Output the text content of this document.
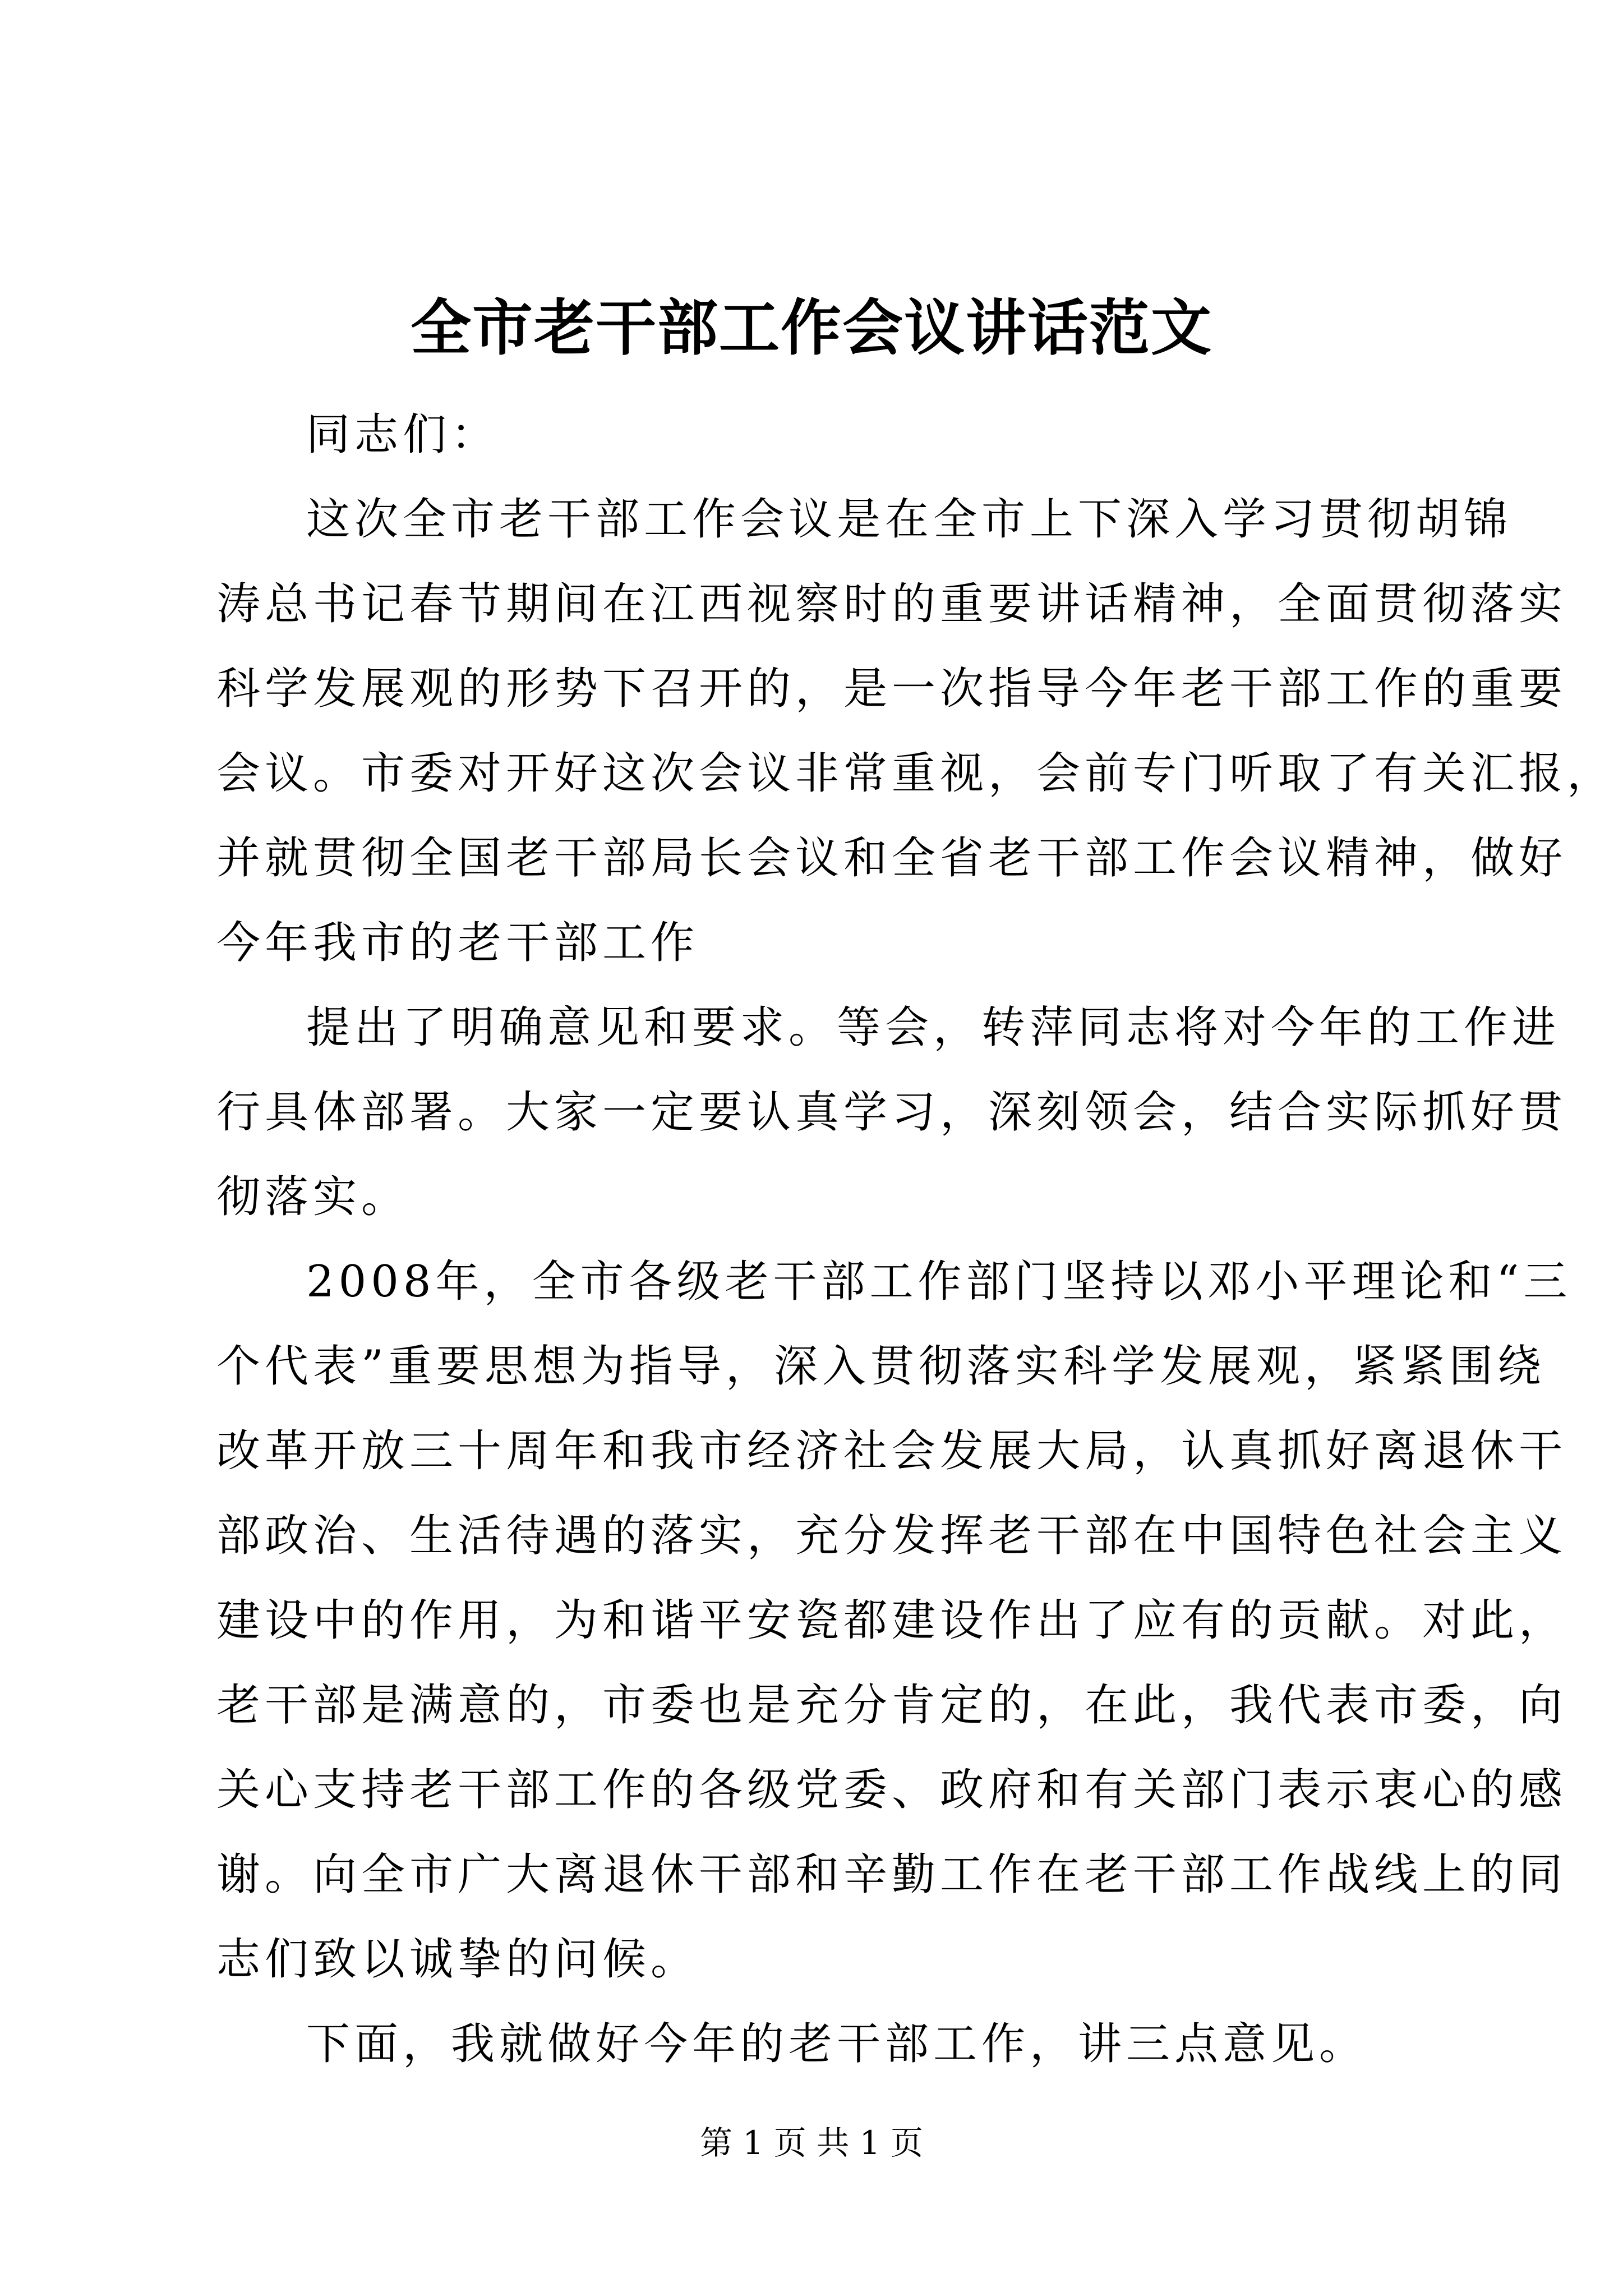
全市老干部工作会议讲话范文
同志们：
这次全市老干部工作会议是在全市上下深入学习贯彻胡锦
涛总书记春节期间在江西视察时的重要讲话精神，全面贯彻落实
科学发展观的形势下召开的，是一次指导今年老干部工作的重要
会议。市委对开好这次会议非常重视，会前专门听取了有关汇报，
并就贯彻全国老干部局长会议和全省老干部工作会议精神，做好
今年我市的老干部工作
提出了明确意见和要求。等会，转萍同志将对今年的工作进
行具体部署。大家一定要认真学习，深刻领会，结合实际抓好贯
彻落实。
2008年，全市各级老干部工作部门坚持以邓小平理论和“三
个代表”重要思想为指导，深入贯彻落实科学发展观，紧紧围绕
改革开放三十周年和我市经济社会发展大局，认真抓好离退休干
部政治、生活待遇的落实，充分发挥老干部在中国特色社会主义
建设中的作用，为和谐平安瓷都建设作出了应有的贡献。对此，
老干部是满意的，市委也是充分肯定的，在此，我代表市委，向
关心支持老干部工作的各级党委、政府和有关部门表示衷心的感
谢。向全市广大离退休干部和辛勤工作在老干部工作战线上的同
志们致以诚挚的问候。
下面，我就做好今年的老干部工作，讲三点意见。
第 1 页 共 1 页
